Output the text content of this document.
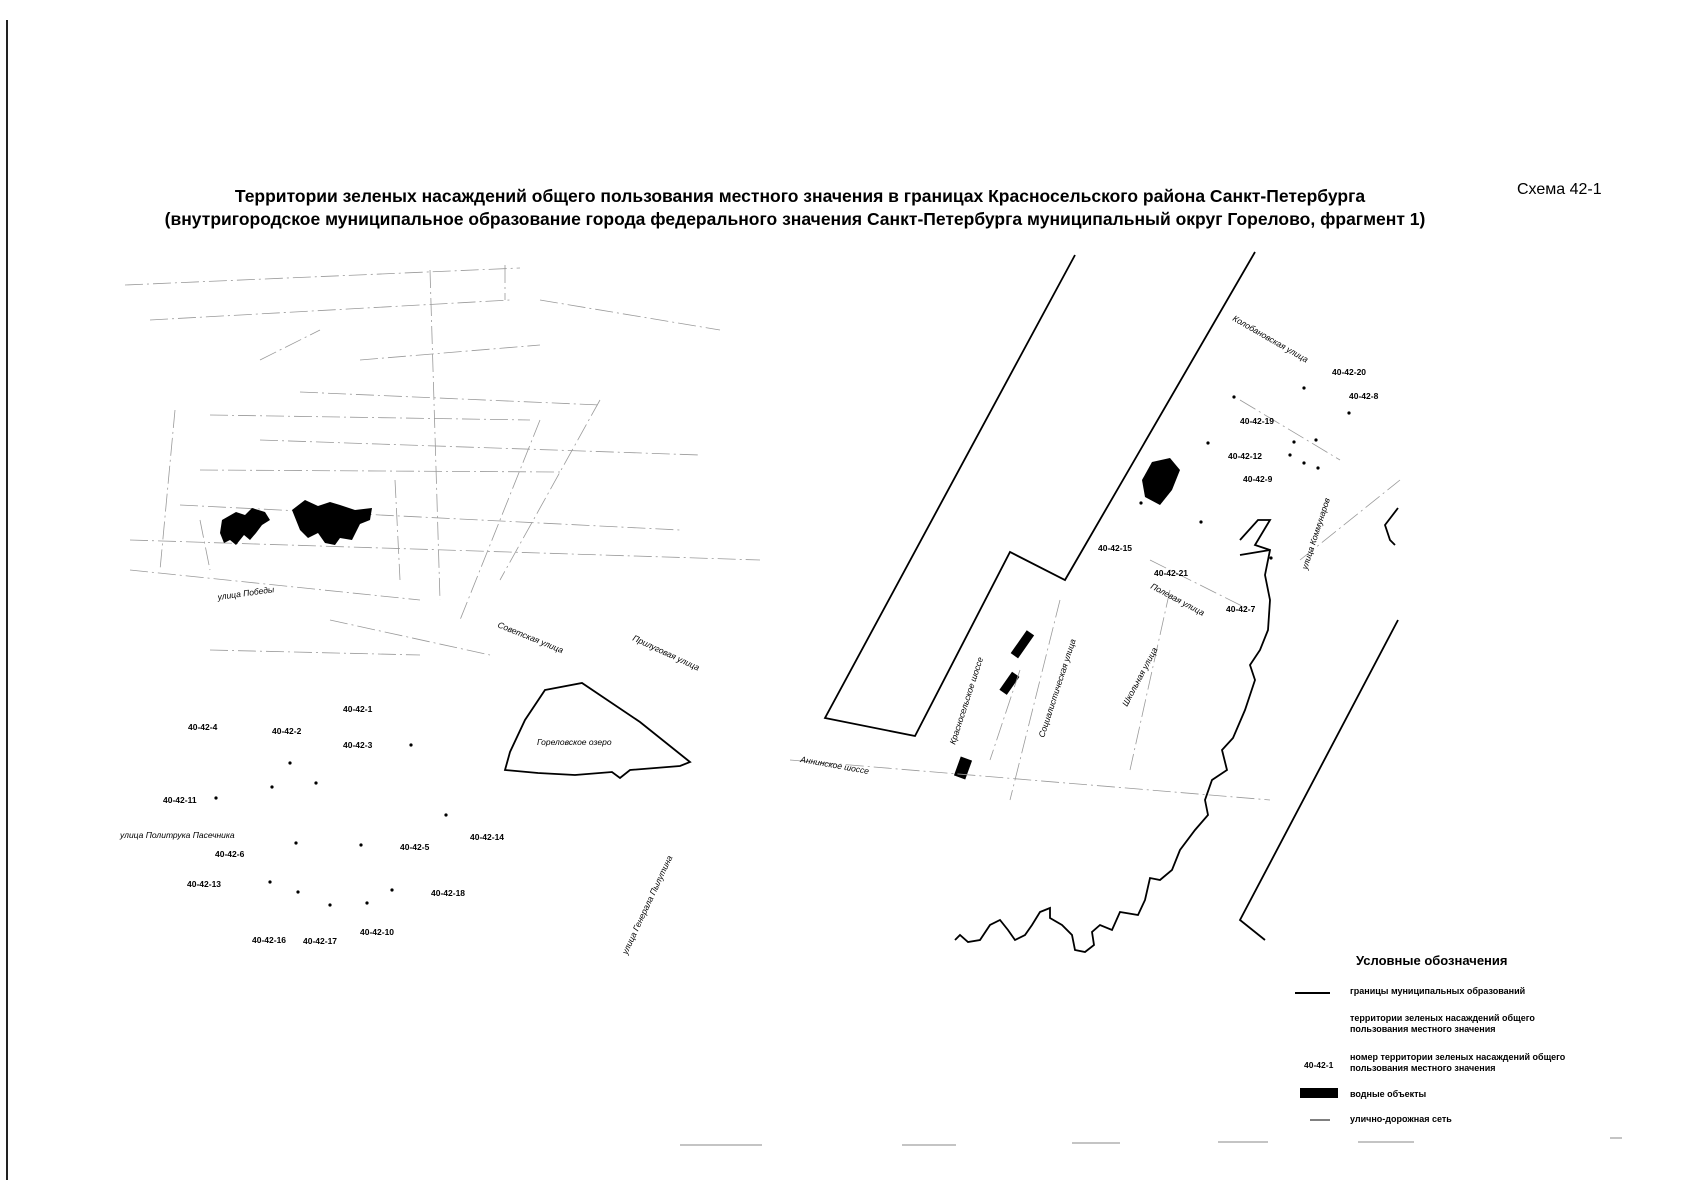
Территории зеленых насаждений общего пользования местного значения в границах Красносельского района Санкт-Петербурга
(внутригородское муниципальное образование города федерального значения Санкт-Петербурга муниципальный округ Горелово, фрагмент 1)
Схема 42-1
улица Победы
Советская улица	Прилуговая улица
Гореловское озеро
улица Политрука Пасечника
улица Генерала Пылутина
Колобановская улица
улица Коммунаров
Полевая улица
Школьная улица
Социалистическая улица
Красносельское шоссе
Аннинское шоссе
40-42-1
40-42-2
40-42-3
40-42-4
40-42-11
40-42-14
40-42-5
40-42-6
40-42-13
40-42-18
40-42-10
40-42-16 40-42-17
40-42-20
40-42-8
40-42-19
40-42-12
40-42-9
40-42-15
40-42-21
40-42-7
Условные обозначения
границы муниципальных образований
территории зеленых насаждений общего пользования местного значения
40-42-1
номер территории зеленых насаждений общего пользования местного значения
водные объекты
улично-дорожная сеть
